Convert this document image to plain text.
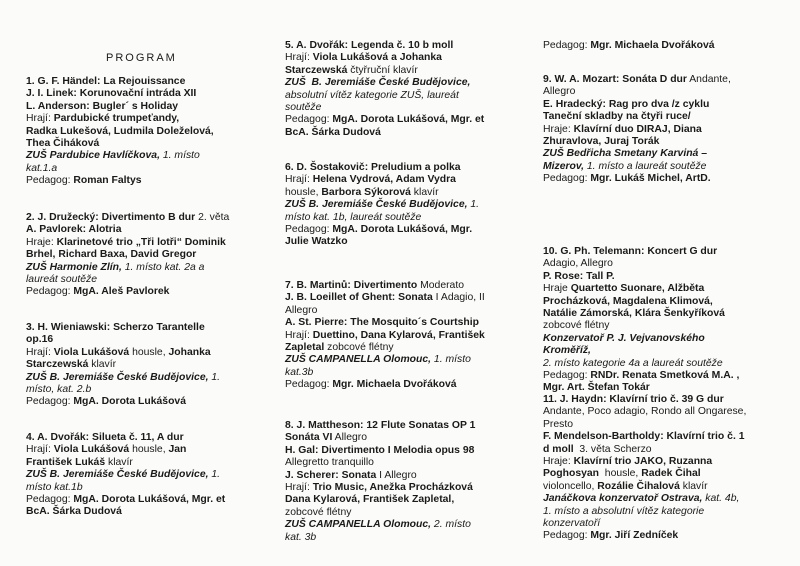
PROGRAM
1. G. F. Händel: La Rejouissance
J. I. Linek: Korunovační intráda XII
L. Anderson: Bugler´ s Holiday
Hrají: Pardubické trumpeťandy,
Radka Lukešová, Ludmila Doleželová,
Thea Čiháková
ZUŠ Pardubice Havlíčkova, 1. místo
kat.1.a
Pedagog: Roman Faltys
2. J. Družecký: Divertimento B dur 2. věta
A. Pavlorek: Alotria
Hraje: Klarinetové trio „Tři lotři“ Dominik
Brhel, Richard Baxa, David Gregor
ZUŠ Harmonie Zlín, 1. místo kat. 2a a
laureát soutěže
Pedagog: MgA. Aleš Pavlorek
3. H. Wieniawski: Scherzo Tarantelle
op.16
Hrají: Viola Lukášová housle, Johanka
Starczewská klavír
ZUŠ B. Jeremiáše České Budějovice, 1.
místo, kat. 2.b
Pedagog: MgA. Dorota Lukášová
4. A. Dvořák: Silueta č. 11, A dur
Hrají: Viola Lukášová housle, Jan
František Lukáš klavír
ZUŠ B. Jeremiáše České Budějovice, 1.
místo kat.1b
Pedagog: MgA. Dorota Lukášová, Mgr. et
BcA. Šárka Dudová
5. A. Dvořák: Legenda č. 10 b moll
Hrají: Viola Lukášová a Johanka
Starczewská čtyřruční klavír
ZUŠ  B. Jeremiáše České Budějovice,
absolutní vítěz kategorie ZUŠ, laureát
soutěže
Pedagog: MgA. Dorota Lukášová, Mgr. et
BcA. Šárka Dudová
6. D. Šostakovič: Preludium a polka
Hrají: Helena Vydrová, Adam Vydra
housle, Barbora Sýkorová klavír
ZUŠ B. Jeremiáše České Budějovice, 1.
místo kat. 1b, laureát soutěže
Pedagog: MgA. Dorota Lukášová, Mgr.
Julie Watzko
7. B. Martinů: Divertimento Moderato
J. B. Loeillet of Ghent: Sonata I Adagio, II
Allegro
A. St. Pierre: The Mosquito´s Courtship
Hrají: Duettino, Dana Kylarová, František
Zapletal zobcové flétny
ZUŠ CAMPANELLA Olomouc, 1. místo
kat.3b
Pedagog: Mgr. Michaela Dvořáková
8. J. Mattheson: 12 Flute Sonatas OP 1
Sonáta VI Allegro
H. Gal: Divertimento I Melodia opus 98
Allegretto tranquillo
J. Scherer: Sonata I Allegro
Hrají: Trio Music, Anežka Procházková
Dana Kylarová, František Zapletal,
zobcové flétny
ZUŠ CAMPANELLA Olomouc, 2. místo
kat. 3b
Pedagog: Mgr. Michaela Dvořáková
9. W. A. Mozart: Sonáta D dur Andante,
Allegro
E. Hradecký: Rag pro dva /z cyklu
Taneční skladby na čtyři ruce/
Hraje: Klavírní duo DIRAJ, Diana
Zhuravlova, Juraj Torák
ZUŠ Bedřicha Smetany Karviná –
Mizerov, 1. místo a laureát soutěže
Pedagog: Mgr. Lukáš Michel, ArtD.
10. G. Ph. Telemann: Koncert G dur
Adagio, Allegro
P. Rose: Tall P.
Hraje Quartetto Suonare, Alžběta
Procházková, Magdalena Klimová,
Natálie Zámorská, Klára Šenkyříková
zobcové flétny
Konzervatoř P. J. Vejvanovského
Kroměříž,
2. místo kategorie 4a a laureát soutěže
Pedagog: RNDr. Renata Smetková M.A. ,
Mgr. Art. Štefan Tokár
11. J. Haydn: Klavírní trio č. 39 G dur
Andante, Poco adagio, Rondo all Ongarese,
Presto
F. Mendelson-Bartholdy: Klavírní trio č. 1
d moll  3. věta Scherzo
Hraje: Klavírní trio JAKO, Ruzanna
Poghosyan  housle, Radek Čihal
violoncello, Rozálie Čihalová klavír
Janáčkova konzervatoř Ostrava, kat. 4b,
1. místo a absolutní vítěz kategorie
konzervatoří
Pedagog: Mgr. Jiří Zedníček
